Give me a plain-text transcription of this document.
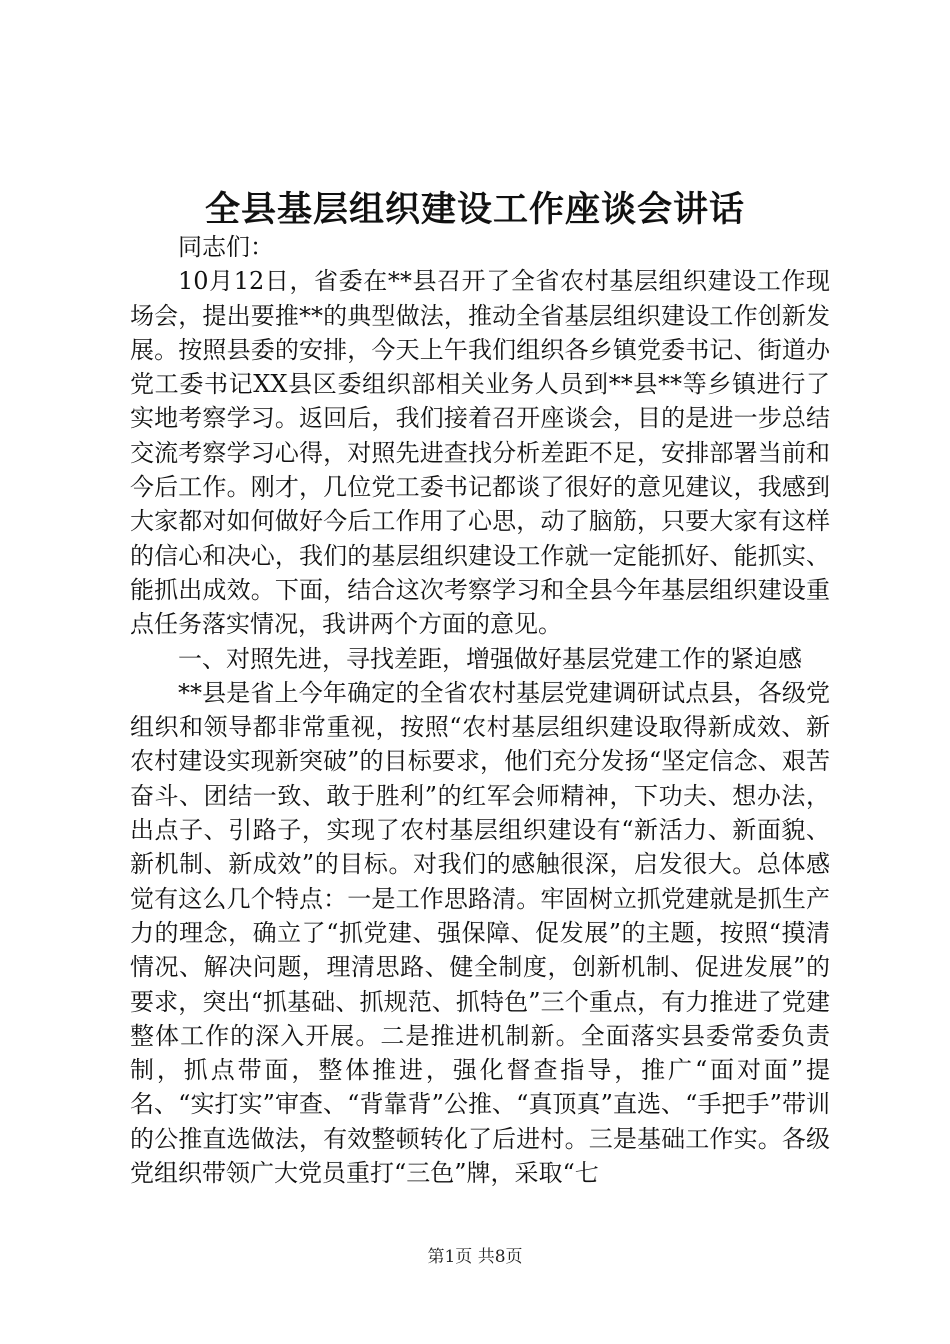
全县基层组织建设工作座谈会讲话

同志们：

10月12日，省委在**县召开了全省农村基层组织建设工作现场会，提出要推**的典型做法，推动全省基层组织建设工作创新发展。按照县委的安排，今天上午我们组织各乡镇党委书记、街道办党工委书记XX县区委组织部相关业务人员到**县**等乡镇进行了实地考察学习。返回后，我们接着召开座谈会，目的是进一步总结交流考察学习心得，对照先进查找分析差距不足，安排部署当前和今后工作。刚才，几位党工委书记都谈了很好的意见建议，我感到大家都对如何做好今后工作用了心思，动了脑筋，只要大家有这样的信心和决心，我们的基层组织建设工作就一定能抓好、能抓实、能抓出成效。下面，结合这次考察学习和全县今年基层组织建设重点任务落实情况，我讲两个方面的意见。

一、对照先进，寻找差距，增强做好基层党建工作的紧迫感

**县是省上今年确定的全省农村基层党建调研试点县，各级党组织和领导都非常重视，按照“农村基层组织建设取得新成效、新农村建设实现新突破”的目标要求，他们充分发扬“坚定信念、艰苦奋斗、团结一致、敢于胜利”的红军会师精神，下功夫、想办法，出点子、引路子，实现了农村基层组织建设有“新活力、新面貌、新机制、新成效”的目标。对我们的感触很深，启发很大。总体感觉有这么几个特点：一是工作思路清。牢固树立抓党建就是抓生产力的理念，确立了“抓党建、强保障、促发展”的主题，按照“摸清情况、解决问题，理清思路、健全制度，创新机制、促进发展”的要求，突出“抓基础、抓规范、抓特色”三个重点，有力推进了党建整体工作的深入开展。二是推进机制新。全面落实县委常委负责制，抓点带面，整体推进，强化督查指导，推广“面对面”提名、“实打实”审查、“背靠背”公推、“真顶真”直选、“手把手”带训的公推直选做法，有效整顿转化了后进村。三是基础工作实。各级党组织带领广大党员重打“三色”牌，采取“七

第1页 共8页
